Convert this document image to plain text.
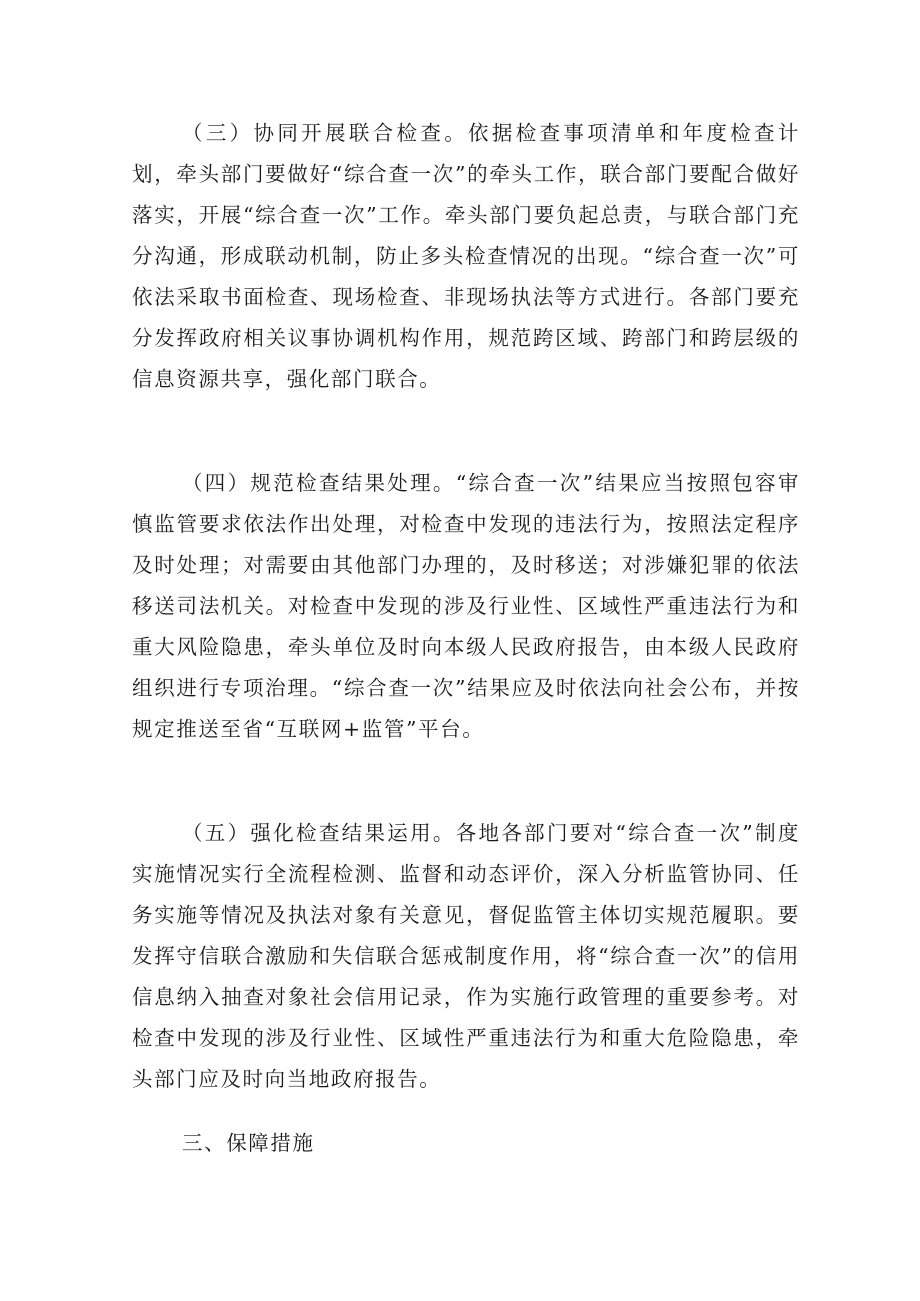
（三）协同开展联合检查。依据检查事项清单和年度检查计划，牵头部门要做好“综合查一次”的牵头工作，联合部门要配合做好落实，开展“综合查一次”工作。牵头部门要负起总责，与联合部门充分沟通，形成联动机制，防止多头检查情况的出现。“综合查一次”可依法采取书面检查、现场检查、非现场执法等方式进行。各部门要充分发挥政府相关议事协调机构作用，规范跨区域、跨部门和跨层级的信息资源共享，强化部门联合。

（四）规范检查结果处理。“综合查一次”结果应当按照包容审慎监管要求依法作出处理，对检查中发现的违法行为，按照法定程序及时处理；对需要由其他部门办理的，及时移送；对涉嫌犯罪的依法移送司法机关。对检查中发现的涉及行业性、区域性严重违法行为和重大风险隐患，牵头单位及时向本级人民政府报告，由本级人民政府组织进行专项治理。“综合查一次”结果应及时依法向社会公布，并按规定推送至省“互联网+监管”平台。

（五）强化检查结果运用。各地各部门要对“综合查一次”制度实施情况实行全流程检测、监督和动态评价，深入分析监管协同、任务实施等情况及执法对象有关意见，督促监管主体切实规范履职。要发挥守信联合激励和失信联合惩戒制度作用，将“综合查一次”的信用信息纳入抽查对象社会信用记录，作为实施行政管理的重要参考。对检查中发现的涉及行业性、区域性严重违法行为和重大危险隐患，牵头部门应及时向当地政府报告。

三、保障措施
